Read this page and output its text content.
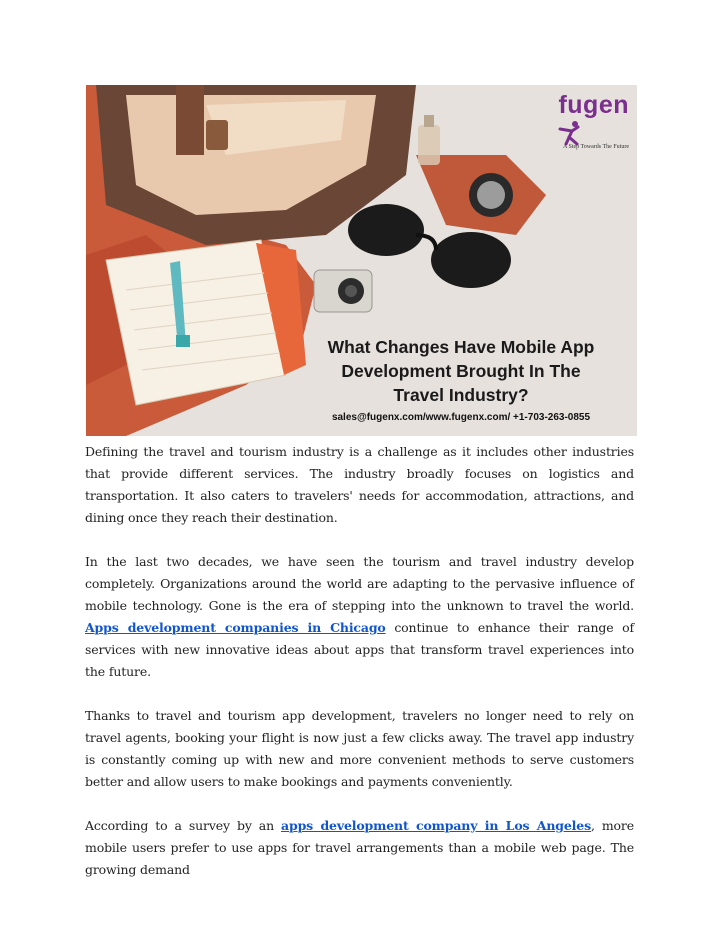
fugen
A Step Towards The Future
What Changes Have Mobile App
Development Brought In The
Travel Industry?
sales@fugenx.com/www.fugenx.com/ +1-703-263-0855

Defining the travel and tourism industry is a challenge as it includes other industries that provide different services. The industry broadly focuses on logistics and transportation. It also caters to travelers' needs for accommodation, attractions, and dining once they reach their destination.

In the last two decades, we have seen the tourism and travel industry develop completely. Organizations around the world are adapting to the pervasive influence of mobile technology. Gone is the era of stepping into the unknown to travel the world. Apps development companies in Chicago continue to enhance their range of services with new innovative ideas about apps that transform travel experiences into the future.

Thanks to travel and tourism app development, travelers no longer need to rely on travel agents, booking your flight is now just a few clicks away. The travel app industry is constantly coming up with new and more convenient methods to serve customers better and allow users to make bookings and payments conveniently.

According to a survey by an apps development company in Los Angeles, more mobile users prefer to use apps for travel arrangements than a mobile web page. The growing demand
